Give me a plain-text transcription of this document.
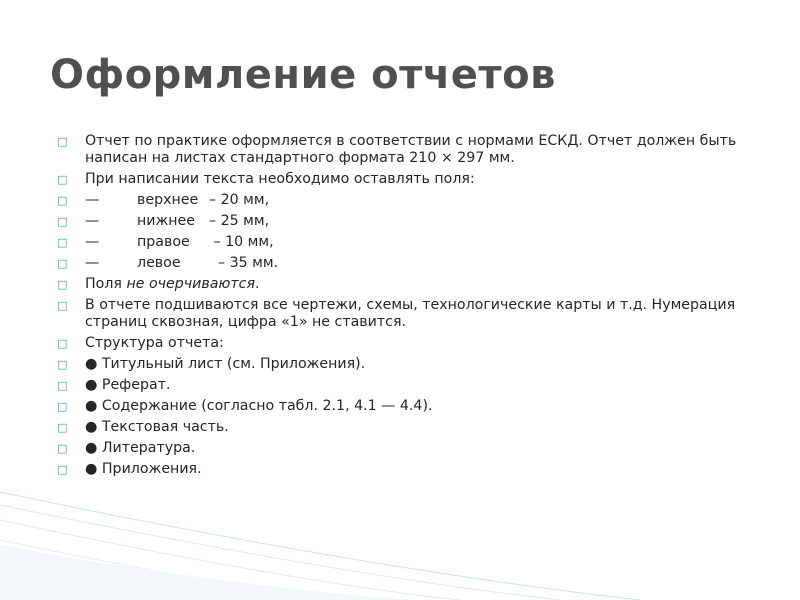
Оформление отчетов
□	Отчет по практике оформляется в соответствии с нормами ЕСКД. Отчет должен быть написан на листах стандартного формата 210 × 297 мм.
□	При написании текста необходимо оставлять поля:
□	—	верхнее – 20 мм,
□	—	нижнее – 25 мм,
□	—	правое – 10 мм,
□	—	левое  – 35 мм.
□	Поля не очерчиваются.
□	В отчете подшиваются все чертежи, схемы, технологические карты и т.д. Нумерация страниц сквозная, цифра «1» не ставится.
□	Структура отчета:
□	● Титульный лист (см. Приложения).
□	● Реферат.
□	● Содержание (согласно табл. 2.1, 4.1 — 4.4).
□	● Текстовая часть.
□	● Литература.
□	● Приложения.
